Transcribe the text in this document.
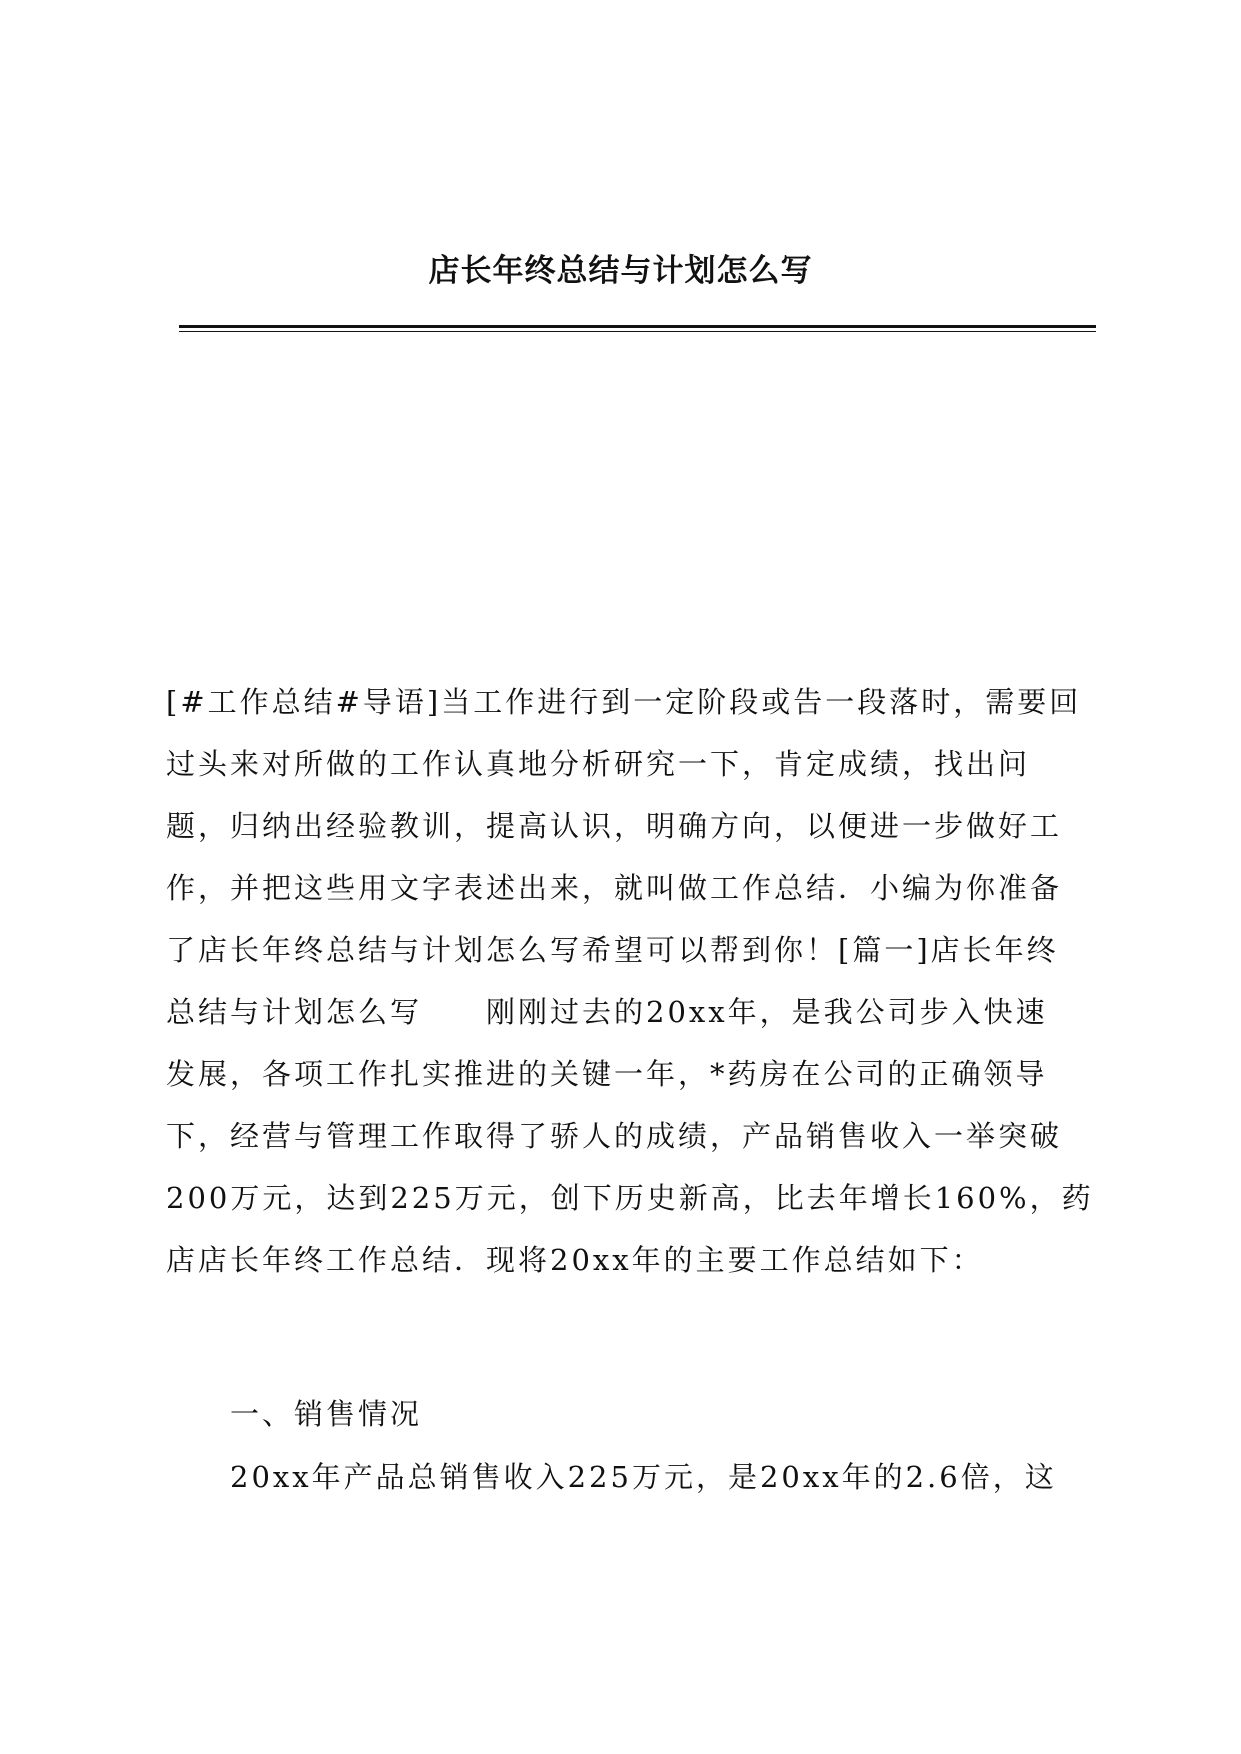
店长年终总结与计划怎么写

[#工作总结#导语]当工作进行到一定阶段或告一段落时，需要回
过头来对所做的工作认真地分析研究一下，肯定成绩，找出问
题，归纳出经验教训，提高认识，明确方向，以便进一步做好工
作，并把这些用文字表述出来，就叫做工作总结．小编为你准备
了店长年终总结与计划怎么写希望可以帮到你！[篇一]店长年终
总结与计划怎么写　　刚刚过去的20xx年，是我公司步入快速
发展，各项工作扎实推进的关键一年，*药房在公司的正确领导
下，经营与管理工作取得了骄人的成绩，产品销售收入一举突破
200万元，达到225万元，创下历史新高，比去年增长160%，药
店店长年终工作总结．现将20xx年的主要工作总结如下：

一、销售情况

20xx年产品总销售收入225万元，是20xx年的2.6倍，这
